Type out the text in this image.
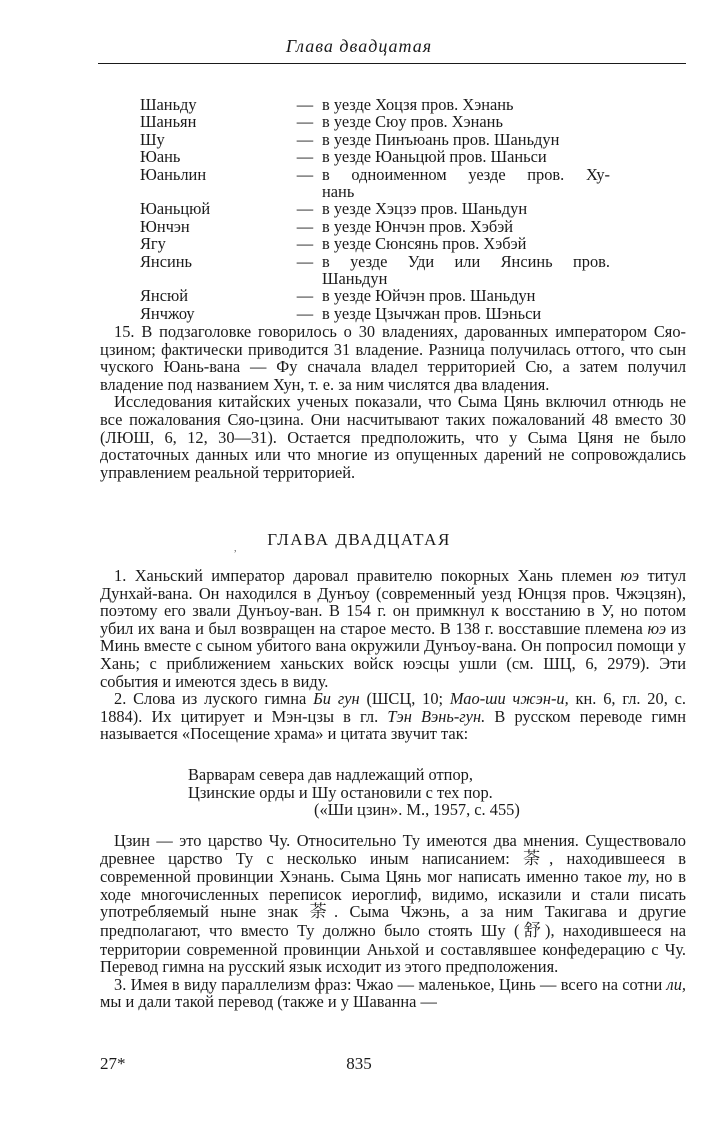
Глава двадцатая
Шаньду	— в уезде Хоцзя пров. Хэнань
Шаньян	— в уезде Сюу пров. Хэнань
Шу	— в уезде Пинъюань пров. Шаньдун
Юань	— в уезде Юаньцюй пров. Шаньси
Юаньлин	— в одноименном уезде пров. Ху-
нань
Юаньцюй	— в уезде Хэцзэ пров. Шаньдун
Юнчэн	— в уезде Юнчэн пров. Хэбэй
Ягу	— в уезде Сюнсянь пров. Хэбэй
Янсинь	— в уезде Уди или Янсинь пров.
Шаньдун
Янсюй	— в уезде Юйчэн пров. Шаньдун
Янчжоу	— в уезде Цзычжан пров. Шэньси

15. В подзаголовке говорилось о 30 владениях, дарованных императором Сяо-цзином; фактически приводится 31 владение. Разница получилась оттого, что сын чуского Юань-вана — Фу сначала владел территорией Сю, а затем получил владение под названием Хун, т. е. за ним числятся два владения.

Исследования китайских ученых показали, что Сыма Цянь включил отнюдь не все пожалования Сяо-цзина. Они насчитывают таких пожалований 48 вместо 30 (ЛЮШ, 6, 12, 30—31). Остается предположить, что у Сыма Цяня не было достаточных данных или что многие из опущенных дарений не сопровождались управлением реальной территорией.

ГЛАВА ДВАДЦАТАЯ
,

1. Ханьский император даровал правителю покорных Хань племен юэ титул Дунхай-вана. Он находился в Дунъоу (современный уезд Юнцзя пров. Чжэцзян), поэтому его звали Дунъоу-ван. В 154 г. он примкнул к восстанию в У, но потом убил их вана и был возвращен на старое место. В 138 г. восставшие племена юэ из Минь вместе с сыном убитого вана окружили Дунъоу-вана. Он попросил помощи у Хань; с приближением ханьских войск юэсцы ушли (см. ШЦ, 6, 2979). Эти события и имеются здесь в виду.

2. Слова из луского гимна Би гун (ШСЦ, 10; Мао-ши чжэн-и, кн. 6, гл. 20, с. 1884). Их цитирует и Мэн-цзы в гл. Тэн Вэнь-гун. В русском переводе гимн называется «Посещение храма» и цитата звучит так:

Варварам севера дав надлежащий отпор,
Цзинские орды и Шу остановили с тех пор.
(«Ши цзин». М., 1957, с. 455)

Цзин — это царство Чу. Относительно Ту имеются два мнения. Существовало древнее царство Ту с несколько иным написанием: 荼, находившееся в современной провинции Хэнань. Сыма Цянь мог написать именно такое ту, но в ходе многочисленных переписок иероглиф, видимо, исказили и стали писать употребляемый ныне знак 荼. Сыма Чжэнь, а за ним Такигава и другие предполагают, что вместо Ту должно было стоять Шу (舒), находившееся на территории современной провинции Аньхой и составлявшее конфедерацию с Чу. Перевод гимна на русский язык исходит из этого предположения.

3. Имея в виду параллелизм фраз: Чжао — маленькое, Цинь — всего на сотни ли, мы и дали такой перевод (также и у Шаванна —

27*	835
